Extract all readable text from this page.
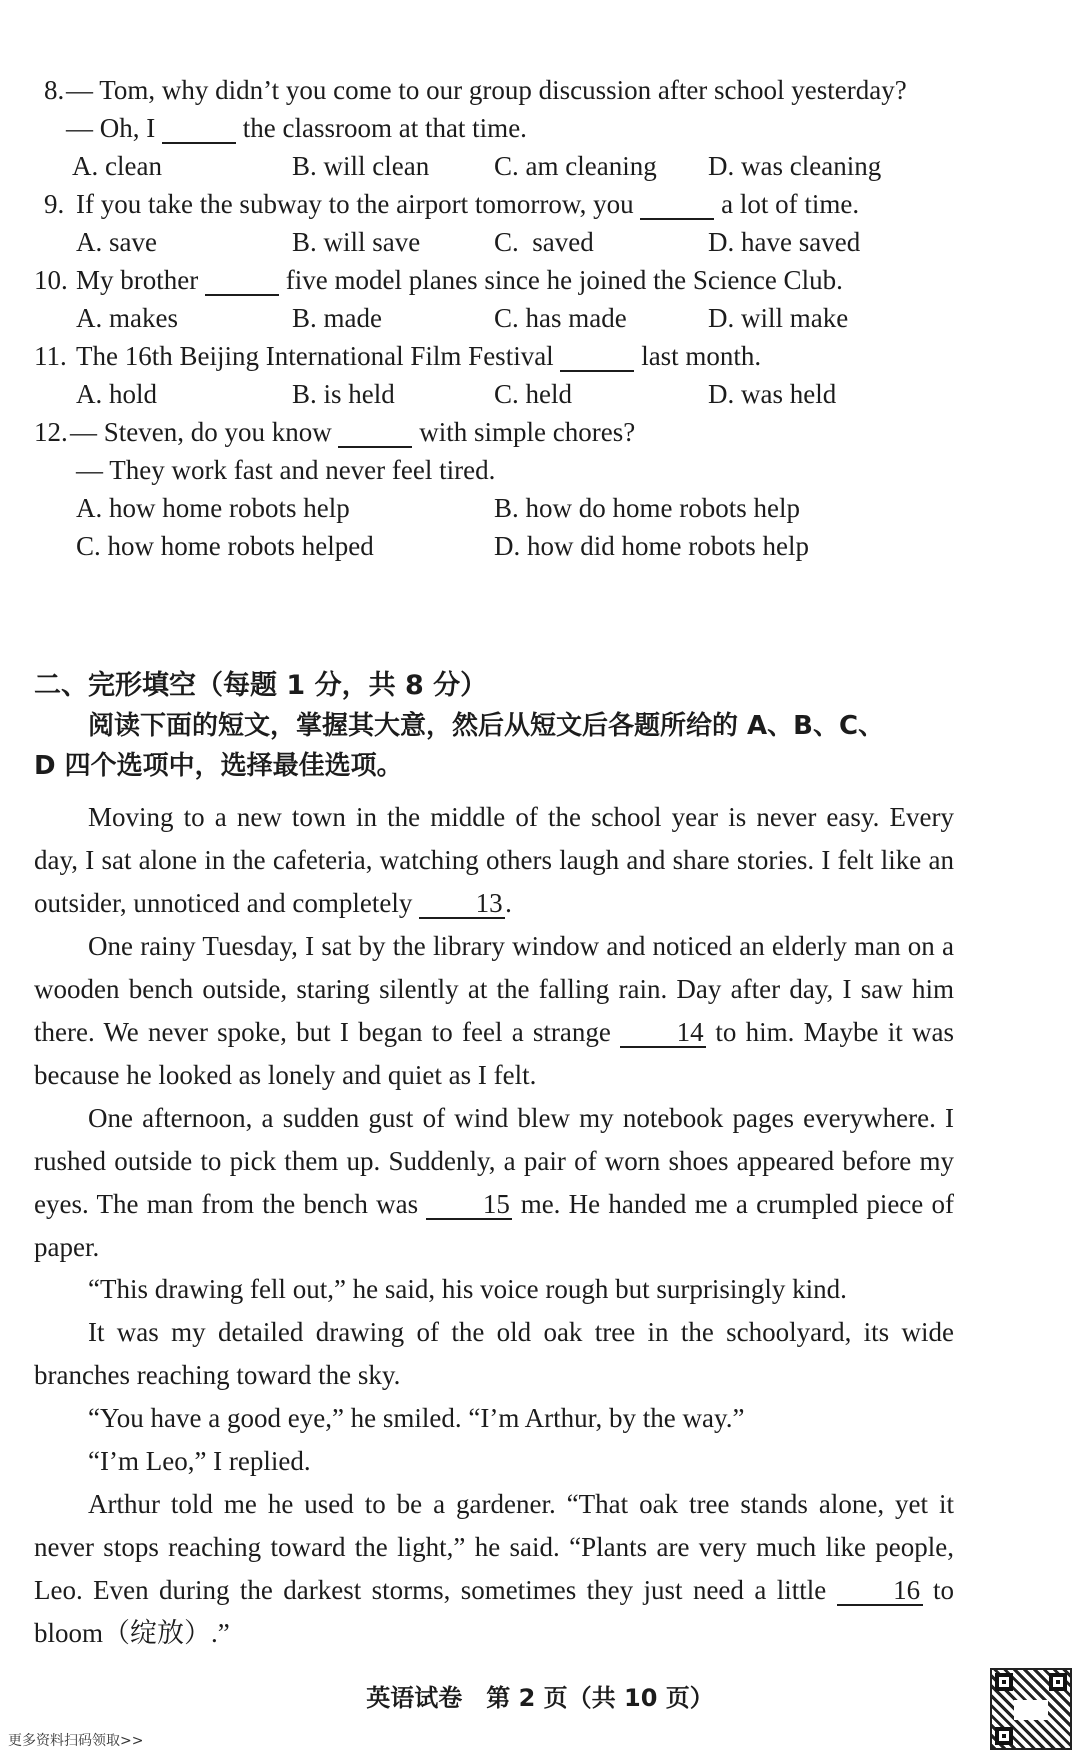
8. — Tom, why didn’t you come to our group discussion after school yesterday?
— Oh, I	the classroom at that time.
A. clean	B. will clean C. am cleaning D. was cleaning
9. If you take the subway to the airport tomorrow, you	a lot of time.
A. save	B. will save	C.  saved	D. have saved
10. My brother	five model planes since he joined the Science Club.
A. makes	B. made	C. has made	D. will make
11. The 16th Beijing International Film Festival	last month.
A. hold	B. is held	C. held	D. was held
12. — Steven, do you know	with simple chores?
— They work fast and never feel tired.
A. how home robots help	B. how do home robots help
C. how home robots helped	D. how did home robots help
二、完形填空（每题 1 分，共 8 分）
阅读下面的短文，掌握其大意，然后从短文后各题所给的 A、B、C、
D 四个选项中，选择最佳选项。
Moving to a new town in the middle of the school year is never easy. Every day, I sat alone in the cafeteria, watching others laugh and share stories. I felt like an outsider, unnoticed and completely 13.
One rainy Tuesday, I sat by the library window and noticed an elderly man on a wooden bench outside, staring silently at the falling rain. Day after day, I saw him there. We never spoke, but I began to feel a strange 14 to him. Maybe it was because he looked as lonely and quiet as I felt.
One afternoon, a sudden gust of wind blew my notebook pages everywhere. I rushed outside to pick them up. Suddenly, a pair of worn shoes appeared before my eyes. The man from the bench was 15 me. He handed me a crumpled piece of paper.
“This drawing fell out,” he said, his voice rough but surprisingly kind.
It was my detailed drawing of the old oak tree in the schoolyard, its wide branches reaching toward the sky.
“You have a good eye,” he smiled. “I’m Arthur, by the way.”
“I’m Leo,” I replied.
Arthur told me he used to be a gardener. “That oak tree stands alone, yet it never stops reaching toward the light,” he said. “Plants are very much like people, Leo. Even during the darkest storms, sometimes they just need a little 16 to bloom（绽放）.”
英语试卷　第 2 页（共 10 页）
更多资料扫码领取>>
